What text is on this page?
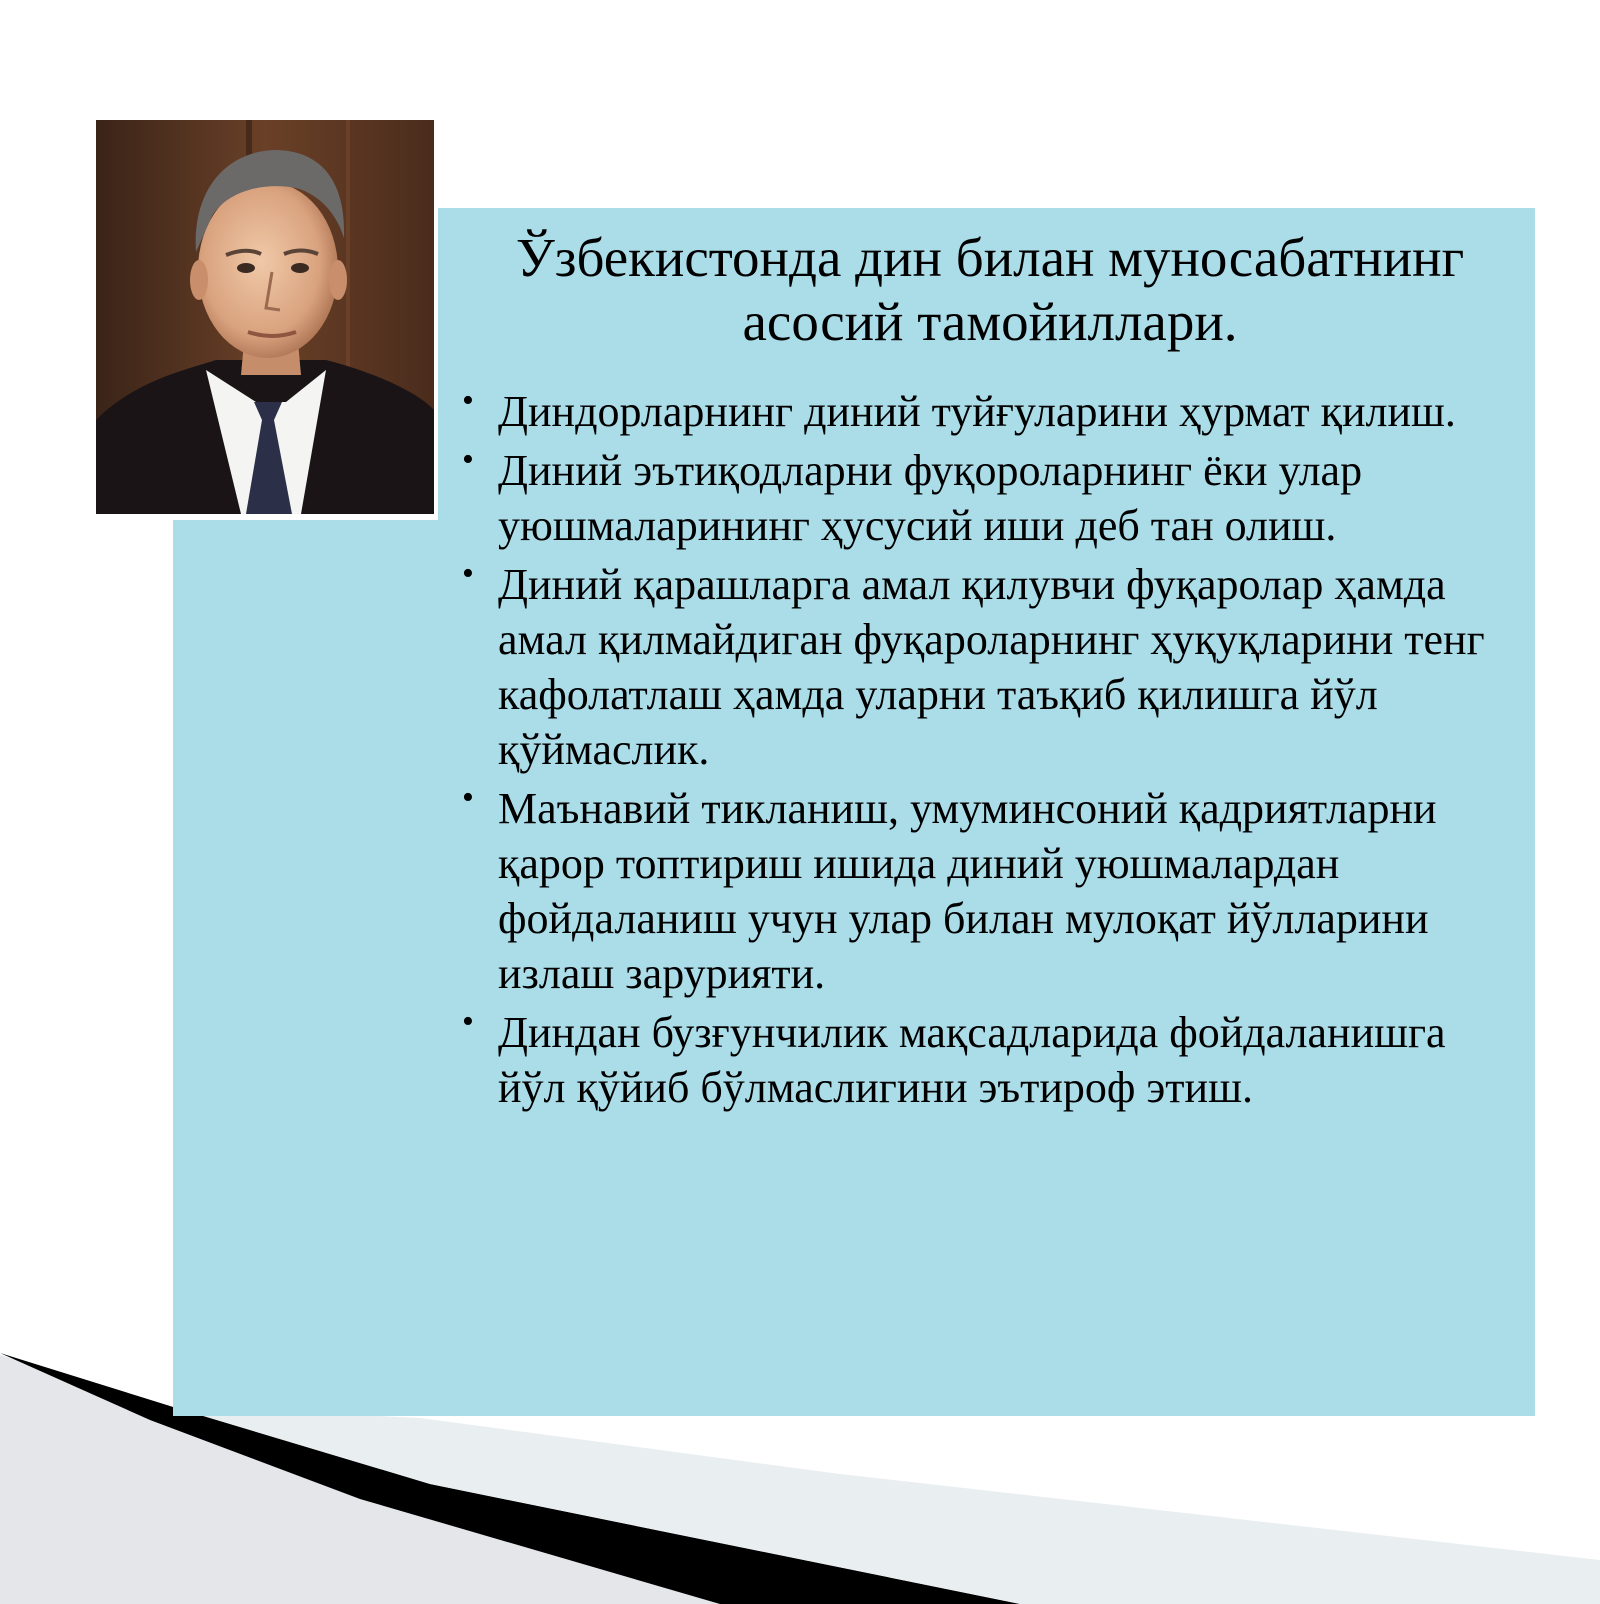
Ўзбекистонда дин билан муносабатнинг асосий тамойиллари.
• Диндорларнинг диний туйғуларини ҳурмат қилиш.
• Диний эътиқодларни фуқороларнинг ёки улар уюшмаларининг ҳусусий иши деб тан олиш.
• Диний қарашларга амал қилувчи фуқаролар ҳамда амал қилмайдиган фуқароларнинг ҳуқуқларини тенг кафолатлаш ҳамда уларни таъқиб қилишга йўл қўймаслик.
• Маънавий тикланиш, умуминсоний қадриятларни қарор топтириш ишида диний уюшмалардан фойдаланиш учун улар билан мулоқат йўлларини излаш зарурияти.
• Диндан бузғунчилик мақсадларида фойдаланишга йўл қўйиб бўлмаслигини эътироф этиш.
